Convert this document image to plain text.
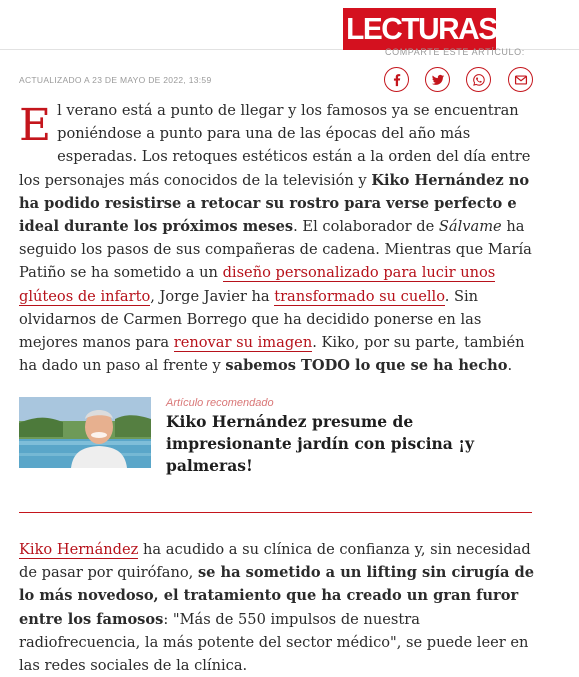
LECTURAS
COMPARTE ESTE ARTÍCULO:
ACTUALIZADO A 23 DE MAYO DE 2022, 13:59
El verano está a punto de llegar y los famosos ya se encuentran poniéndose a punto para una de las épocas del año más esperadas. Los retoques estéticos están a la orden del día entre los personajes más conocidos de la televisión y Kiko Hernández no ha podido resistirse a retocar su rostro para verse perfecto e ideal durante los próximos meses. El colaborador de Sálvame ha seguido los pasos de sus compañeras de cadena. Mientras que María Patiño se ha sometido a un diseño personalizado para lucir unos glúteos de infarto, Jorge Javier ha transformado su cuello. Sin olvidarnos de Carmen Borrego que ha decidido ponerse en las mejores manos para renovar su imagen. Kiko, por su parte, también ha dado un paso al frente y sabemos TODO lo que se ha hecho.
Artículo recomendado
Kiko Hernández presume de impresionante jardín con piscina ¡y palmeras!
Kiko Hernández ha acudido a su clínica de confianza y, sin necesidad de pasar por quirófano, se ha sometido a un lifting sin cirugía de lo más novedoso, el tratamiento que ha creado un gran furor entre los famosos: "Más de 550 impulsos de nuestra radiofrecuencia, la más potente del sector médico", se puede leer en las redes sociales de la clínica.
